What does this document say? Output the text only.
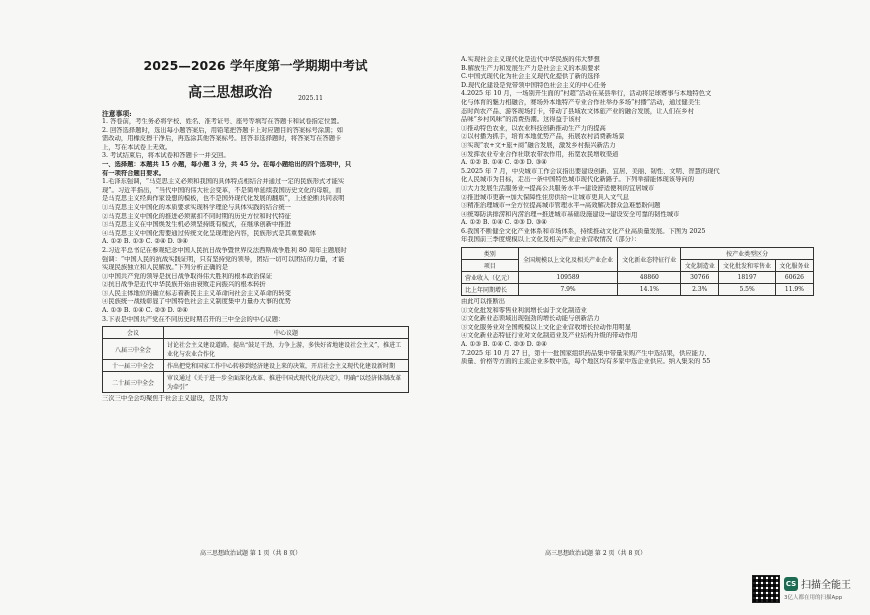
2025—2026 学年度第一学期期中考试
高三思想政治	2025.11
注意事项:
1. 答卷前，考生务必将学校、姓名、准考证号、座号等填写在答题卡和试卷指定位置。
2. 回答选择题时，选出每小题答案后，用铅笔把答题卡上对应题目的答案标号涂黑；如
需改动，用橡皮擦干净后，再选涂其他答案标号。回答非选择题时，将答案写在答题卡
上，写在本试卷上无效。
3. 考试结束后，将本试卷和答题卡一并交回。
一、选择题：本题共 15 小题，每小题 3 分，共 45 分。在每小题给出的四个选项中，只
有一项符合题目要求。
1.毛泽东强调，“马克思主义必须和我国的具体特点相结合并通过一定的民族形式才能实
现”。习近平指出，“当代中国的伟大社会变革，不是简单延续我国历史文化的母版，而
是马克思主义经典作家设想的模板，也不是国外现代化发展的翻版”，上述论断共同表明
①马克思主义中国化的本质要求实现科学理论与具体实践的结合统一
②马克思主义中国化的推进必须紧扣不同时期的历史方位和时代特征
③马克思主义在中国焕发生机必须坚持既有模式，在继承创新中推进
④马克思主义中国化需要通过传统文化呈现理论内容，民族形式是其重要载体
A. ①② B. ①③ C. ②④ D. ③④
2.习近平总书记在参观纪念中国人民抗日战争暨世界反法西斯战争胜利 80 周年主题展时
强调：“中国人民的抗战实践证明，只有坚持党的领导，团结一切可以团结的力量，才能
实现民族独立和人民解放。”下列分析正确的是
①中国共产党的领导是抗日战争取得伟大胜利的根本政治保证
②抗日战争是近代中华民族开始由衰败走向振兴的根本转折
③人民主体地位的确立标志着新民主主义革命向社会主义革命的转变
④民族统一战线彰显了中国特色社会主义制度集中力量办大事的优势
A. ①③ B. ①④ C. ②③ D. ②④
3.下表是中国共产党在不同历史时期召开的三中全会的中心议题：
会议	中心议题
八届三中全会	讨论社会主义建设道路，提出“鼓足干劲，力争上游，多快好省地建设社会主义”，推进工业化与农业合作化
十一届三中全会	作出把党和国家工作中心转移到经济建设上来的决策，开启社会主义现代化建设新时期
二十届三中全会	审议通过《关于进一步全面深化改革、推进中国式现代化的决定》，明确“以经济体制改革为牵引”
三次三中全会均聚焦于社会主义建设，是因为
高三思想政治试题 第 1 页（共 8 页）
A.实现社会主义现代化是近代中华民族的伟大梦想
B.解放生产力和发展生产力是社会主义的本质要求
C.中国式现代化为社会主义现代化提供了新的选择
D.现代化建设是党带领中国特色社会主义的中心任务
4.2025 年 10 月，一场别开生面的“村超”活动在某县举行，活动将足球赛事与本地特色文
化与体育的魅力相融合，赛场外本地特产专业合作社举办多场“村播”活动，通过健美生
态时尚农产品、游客现场打卡，带动了县域农文体旅产业的融合发展，让人们在乡村
品味“乡村风味”的消费热潮。这得益于该村
①推动特色农业，以农业科技创新推动生产力的提高
②以村播为抓手，培育本地优势产品，拓展农村消费新场景
③实现“农+文+旅+商”融合发展，激发乡村振兴新活力
④发挥农业专业合作社联农带农作用，拓宽农民增收渠道
A. ①② B. ①④ C. ②③ D. ③④
5.2025 年 7 月，中央城市工作会议指出要建设创新、宜居、美丽、韧性、文明、智慧的现代
化人民城市为目标，走出一条中国特色城市现代化新路子。下列举措能体现该导向的
①大力发展生活服务业→提高公共服务水平→建设舒适便利的宜居城市
②推进城市更新→加大保障性住房供给→让城市更具人文气息
③精准治理城市→全方位提高城市管理水平→高效解决群众急难愁盼问题
④统筹防洪排涝和内涝治理→推进城市基础设施建设→建设安全可靠的韧性城市
A. ①② B. ①④ C. ②③ D. ③④
6.我国不断健全文化产业体系和市场体系，持续推动文化产业高质量发展。下图为 2025
年我国前三季度规模以上文化及相关产业企业营收情况（部分）：
类别	全国规模以上文化及相关产业企业	文化新业态特征行业	按产业类型区分		
项目			文化制造业	文化批发和零售业	文化服务业
营业收入（亿元）	109589	48860	30766	18197	60626
比上年同期增长	7.9%	14.1%	2.3%	5.5%	11.9%
由此可以推断出
①文化批发和零售业利润增长弱于文化制造业
②文化新业态领域出现强劲的增长动能与创新活力
③文化服务业对全国规模以上文化企业营收增长拉动作用明显
④文化新业态特征行业对文化制造业及产业结构升级的带动作用
A. ①③ B. ①④ C. ②③ D. ②④
7.2025 年 10 月 27 日，第十一批国家组织药品集中带量采购产生中选结果，供应能力、
质量、价格等方面的主流企业多数中选，每个地区均有多家中选企业供应。纳入集采的 55
高三思想政治试题 第 2 页（共 8 页）
CS 扫描全能王
3亿人都在用的扫描App
